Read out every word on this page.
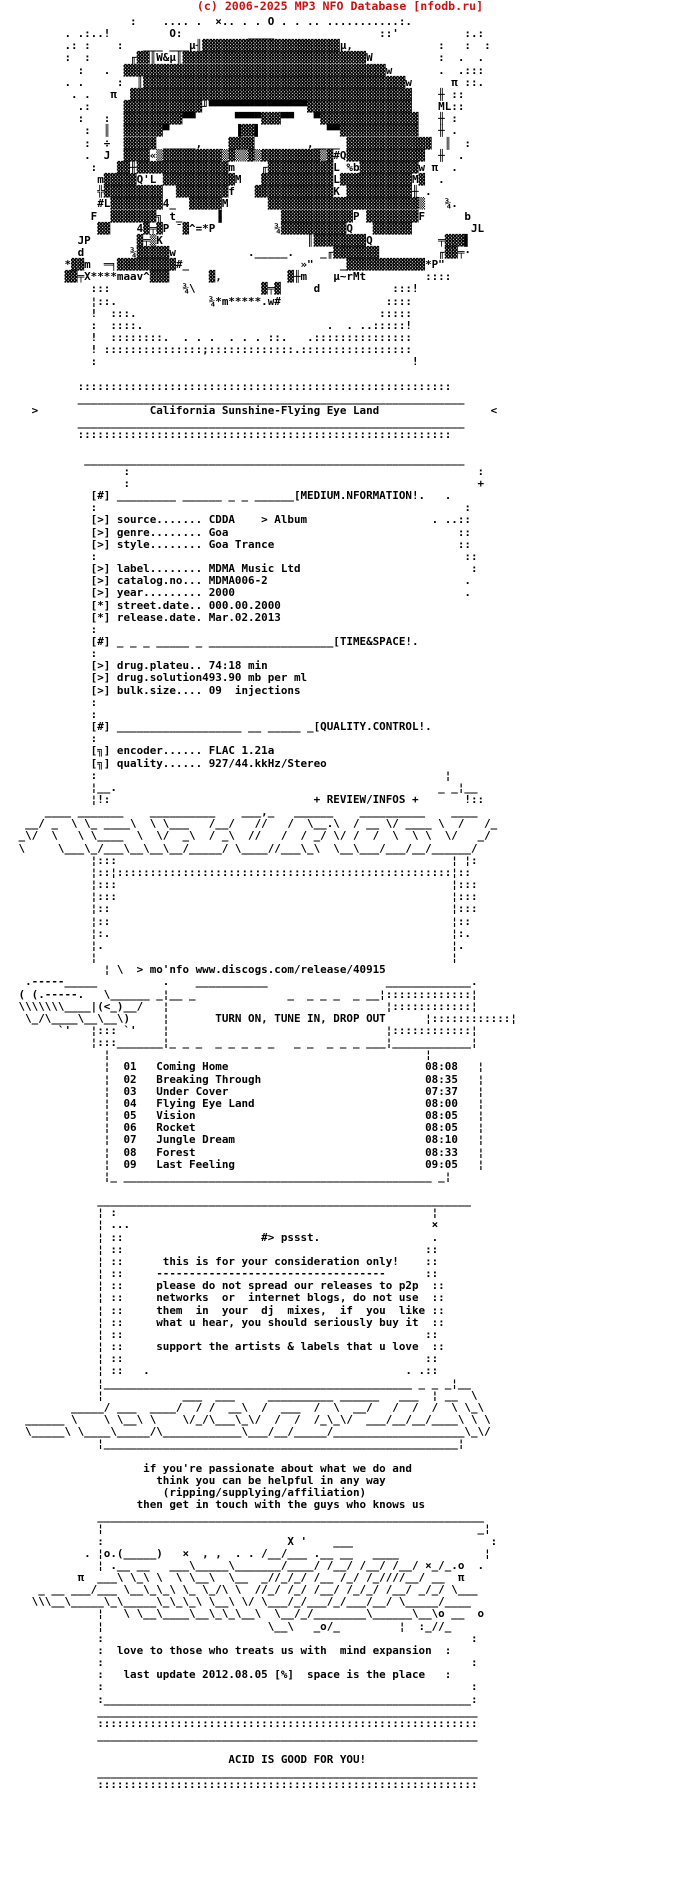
(c) 2006-2025 MP3 NFO Database [nfodb.ru]
:    .... .  ×.. . . O . . .. ...........:.
. .:..!         O:          ____                ::'          :.:
.: :    :   ___ ___µ╢▓▓▓▓▓▓▓▓▓▓▓▓▓▓▓▓▓▓▓▓▓µ,             :   :  :
:  :      ╓▓▓║W&µ║▓▓▓▓▓▓▓▓▓▓▓▓▓▓▓▓▓▓▓▓▓▓▓▓▓▓▓▓W          :  .  .
:   .  ▓▓▓▓▓▓▓▓▓▓▓▓▓▓▓▓▓▓▓▓▓▓▓▓▓▓▓▓▓▓▓▓▓▓▓▓▓▓▓▓w       .  .:::
. .     :  ║▓▓▓▓▓▓▓▓▓▓▓▓▓▓▓▓▓▓▓▓▓▓▓▓▓▓▓▓▓▓▓▓▓▓▓▓▓▓▓▓w      π ::.
. .   π  ▓▓▓▓▓▓▓▓▓▓▓▓▓▓▓▓▓▓▓▓▓▓▓▓▓▓▓▓▓▓▓▓▓▓▓▓▓▓▓▓▓▓▓    ╫ ::
.:     ▓▓▓▓▓▓▓▓▓▓▓▓╜▀▀▀▀▀▀▀▀▀▀▀▀▀▀▀▓▓▓▓▓▓▓▓▓▓▓▓▓▓▓▓    ML::
:   :  ▓▓▓▓▓▓▓▓▓▀▀      ▀▀▀▀▓▓▓▀▀   ▀▓▓▓▓▓▓▓▓▓▓▓▓▓▓▓   ╫ :
:  ║  ▓▓▓▓▓▓▀          ▐▓▓▌          ▀▀▓▓▓▓▓▓▓▓▓▓▓▓   ╫ .
:  ÷  ▓▓▓▓▓ _____,    ▓▓▓▓        ,____ ▓▓▓▓▓▓▓▓▓▓▓▓▓  ║  :
.  J  ▓▓▓▓«▒▓▓▓▓▓▓▓▓▓▒▓▒▒▓▒▓▓▓▓▓▓▓▓▓▒▓#Q▓▓▓▓▓▓▓▓▓▓▓▓  ╫  .
:   ▓▓╫▓▓▓▓▓▓▓▓▓▓▓▓▓▓m    ╓▓▓▓▓▓▓▓▓▓▓L %b▓▓▓▓▓▓▓▓▓w π  .
m▓▓▓▓▓Q'L ▓▓▓▓▓▓▓▓▓▓▓M   ▓▓▓▓▓▓▓▓▓▓▓L▓▓▓▓▓▓▓▓▓▓▓M▓  .
╬▓▓▓▓▓▓▓▓▓  ▓▓▓▓▓▓▓▓f   ▓▓▓▓▓▓▓▓▓▓▓▓K ▓▓▓▓▓▓▓▓▓▓╫ .
#L▓▓▓▓▓▓▓▓4_  ▓▓▓▓▓M      ▓▓▓▓▓▓▓▓▓▓▓▓▓▓▓▓▓▓▓▓▓▓▓▒   ¾.
F  ▓▓▓▓▓▓▓╗ t_     ▐         ▓▓▓▓▓▓▓▓▓▓▓P ▓▓▓▓▓▓▓▓F      b
▓▓    4▓╤▓P ¯▓^=*P         ¾▓▓▓▓▓▓▓▓▓▓Q   ▓▓▓▓▓▓         JL
JP       ▓╤▒K                      ║▓▓▓▓▓▓▓▓Q          ╤▓▓▓▌
d       ¾▓▓▓▓▓w           ._____.    _╓▓▓▓▓▓▓▓         ╓▓▓╤·
*▓▓m  ═╕▓▓▓▓▓▓▓▓▓#_                 »"    _▓▓▓▓▓▓▓▓▓▓▓▓*P"
▓▓╤X****maav^▓▓▓      ▓,          ▓╫m    µ~rMt         ::::
:::           ¾\          ▓╤▓     d           :::!
¦::.              ¾*m*****.w#                ::::
!  :::.                                     :::::
:  ::::.                            .  . ..:::::!
!  ::::::::.  . . .  . . . ::.   .:::::::::::::::
! :::::::::::::::;:::::::::::::.:::::::::::::::::
:                                                !

:::::::::::::::::::::::::::::::::::::::::::::::::::::::::
___________________________________________________________
>                 California Sunshine-Flying Eye Land                 <
___________________________________________________________
:::::::::::::::::::::::::::::::::::::::::::::::::::::::::

__________________________________________________________
:                                                     :
:                                                     +
[#] _________ ______ _ _ ______[MEDIUM.NFORMATION!.   .
:                                                        :
[>] source....... CDDA    > Album                   . ..::
[>] genre........ Goa                                   ::
[>] style........ Goa Trance                            ::
:                                                        ::
[>] label........ MDMA Music Ltd                          :
[>] catalog.no... MDMA006-2                              .
[>] year......... 2000                                   .
[*] street.date.. 000.00.2000
[*] release.date. Mar.02.2013
:
[#] _ _ _ _____ _ ___________________[TIME&SPACE!.
:
[>] drug.plateu.. 74:18 min
[>] drug.solution493.90 mb per ml
[>] bulk.size.... 09  injections
:
:
[#] ___________________ __ _____ _[QUALITY.CONTROL!.
:
[╗] encoder...... FLAC 1.21a
[╗] quality...... 927/44.kkHz/Stereo
:                                                     ¦
¦__.                                                 _ _¦__
¦!:                               + REVIEW/INFOS +       !::
____ _______    __________    ___,_   ______    __________    ____
__/ _  \ \_ ____\  \ \___   /__/   //   /  \__.\  / __ \/ ____ \  /   /_
_\/  \   \ \____  \  \/  _\  / _\  //   /  / _/ \/ /  /  \  \ \  \/   _/
\     \___\_/___\__\__\__/_____/ \____//___\_\  \__\___/___/__/______/
¦:::                                                   ¦ ¦:
¦::¦:::::::::::::::::::::::::::::::::::::::::::::::::::¦::
¦:::                                                   ¦:::
¦:::                                                   ¦:::
¦::                                                    ¦:::
¦::                                                    ¦::
¦:.                                                    ¦:.
¦.                                                     ¦.
¦                                                      ¦
¦ \  > mo'nfo www.discogs.com/release/40915
.-----_____          .    ___________                  _____________.
( (.-----.   \______ _¦__ _              _  _ _ _  _ __¦:::::::::::::¦
\\\\\\\____|(<_)__/   ¦                                 ¦::::::::::::¦
\_/\____\__\__\)     ¦	TURN ON, TUNE IN, DROP OUT	¦::::::::::::¦
`'   ¦::: `'    ¦                                 ¦::::::::::::¦
¦:::_______¦_ _ _  _ _ _ _ _   _ _  _ _ _ ___¦____________¦
¦                                                ¦
¦  01 Coming Home	08:08   ¦
¦  02 Breaking Through	08:35   ¦
¦  03 Under Cover	07:37   ¦
¦  04 Flying Eye Land	08:00   ¦
¦  05 Vision	08:05   ¦
¦  06 Rocket	08:05   ¦
¦  07 Jungle Dream	08:10   ¦
¦  08 Forest	08:33   ¦
¦  09 Last Feeling	09:05   ¦
¦_ _______________________________________________ _¦

_________________________________________________________
¦ :                                                ¦
¦ ...                                              ×
¦ ::                     #> pssst.                 .
¦ ::                                              ::
¦ ::      this is for your consideration only!    ::
¦ ::     -----------------------------------      ::
¦ ::     please do not spread our releases to p2p  ::
¦ ::     networks  or  internet blogs, do not use  ::
¦ ::     them  in  your  dj  mixes,  if  you  like ::
¦ ::     what u hear, you should seriously buy it  ::
¦ ::                                              ::
¦ ::     support the artists & labels that u love  ::
¦ ::                                              ::
¦ ::   .                                       . .::
¦_______________________________________________ _ _ _¦__
¦            ___  ___     __________ ______   ___  ¦ __  \
_____/ ___  ____/  / /  __\  /  ___  /  \  __/   /  /  /  \ \_\
______ \    \ \__\ \    \/_/\___\_\/  /  /  /_\_\/  ___/__/__/____\ \ \
\_____\ \____\_____/\____________\___/__/_____/____________________\_\/
¦______________________________________________________¦

if you're passionate about what we do and
think you can be helpful in any way
(ripping/supplying/affiliation)
then get in touch with the guys who knows us
___________________________________________________________
¦                                                         _¦
:                            X '    ___                     :
. ¦o.(_____)   ×  , ,  . . /__/___ .__ __   ____             ¦
¦ .__ __   ___\_____\_______/____/ /__/ /__/ /__/ ×_/_.o  .
π  ___\ \_\ \  \ \__\  \__  _//_/_/ /__ /_/ /_////__/ __  π
_ __ ___/___ \__\_\_\ \_ \_/\ \  //_/ /_/ /__/ /_/_/ /__/ _/_/ \___
\\\__\_____\_\_____\_\_\_\ \__\ \/ \___/_/___/_/___/__/ \_____/____
¦   \ \__\____\__\_\_\__\  \__/_/________\______\__\o __  o
¦                         \__\   _o/_         ¦  :_//_
:                                                        :
:  love to those who treats us with  mind expansion  :
:                                                        :
:   last update 2012.08.05 [%]  space is the place   :
:                                                        :
:________________________________________________________:
__________________________________________________________
::::::::::::::::::::::::::::::::::::::::::::::::::::::::::
__________________________________________________________

ACID IS GOOD FOR YOU!
__________________________________________________________
::::::::::::::::::::::::::::::::::::::::::::::::::::::::::
